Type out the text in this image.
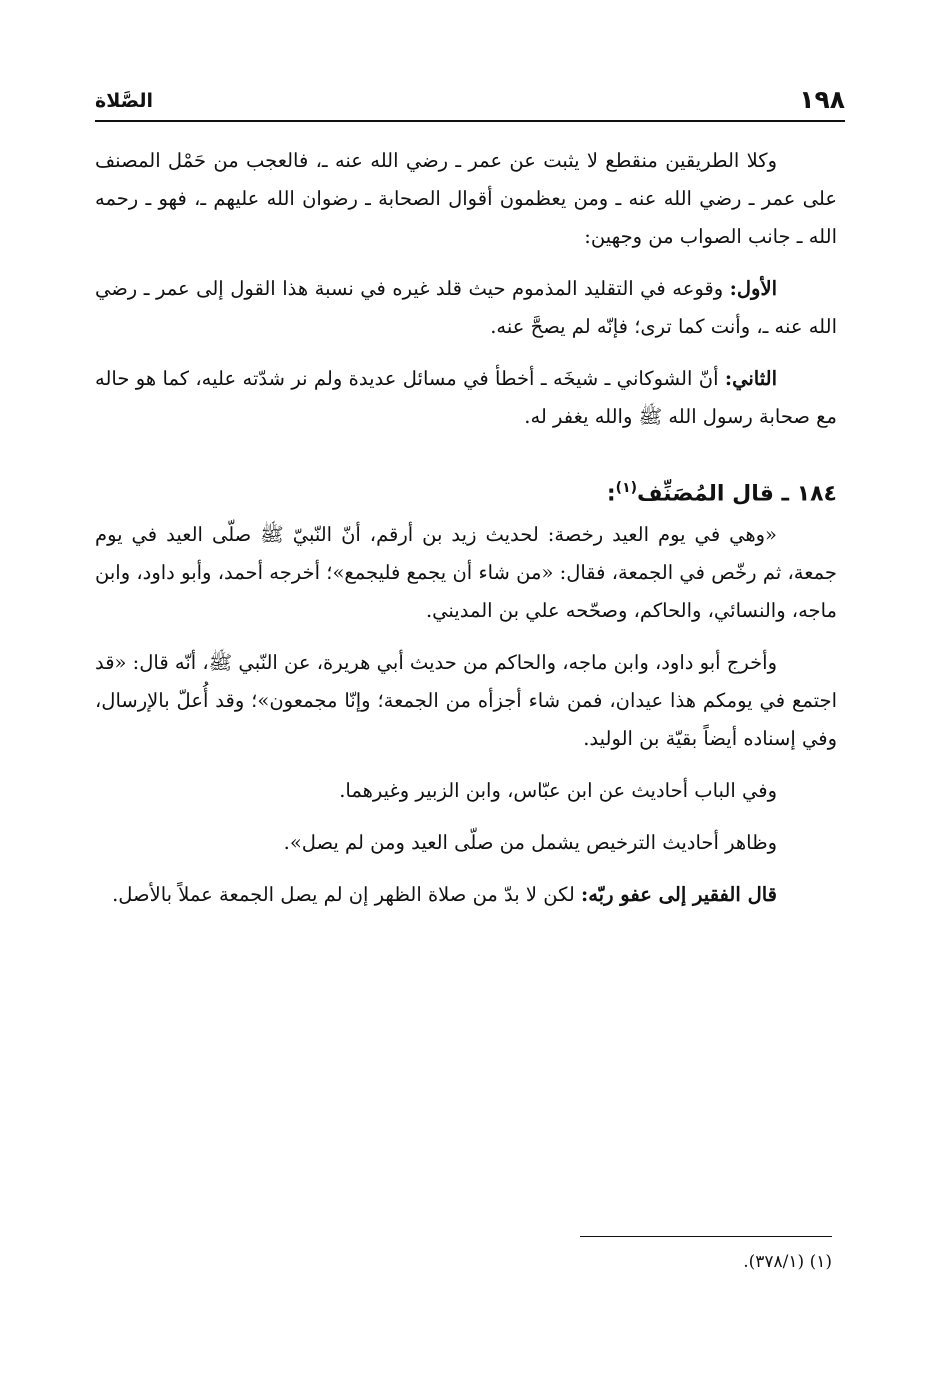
١٩٨
الصَّلاة

وكلا الطريقين منقطع لا يثبت عن عمر ـ رضي الله عنه ـ، فالعجب من حَمْل المصنف على عمر ـ رضي الله عنه ـ ومن يعظمون أقوال الصحابة ـ رضوان الله عليهم ـ، فهو ـ رحمه الله ـ جانب الصواب من وجهين:

الأول: وقوعه في التقليد المذموم حيث قلد غيره في نسبة هذا القول إلى عمر ـ رضي الله عنه ـ، وأنت كما ترى؛ فإنّه لم يصحَّ عنه.

الثاني: أنّ الشوكاني ـ شيخَه ـ أخطأ في مسائل عديدة ولم نر شدّته عليه، كما هو حاله مع صحابة رسول الله ﷺ والله يغفر له.

١٨٤ ـ قال المُصَنِّف$^{(١)}$:

«وهي في يوم العيد رخصة: لحديث زيد بن أرقم، أنّ النّبيّ ﷺ صلّى العيد في يوم جمعة، ثم رخّص في الجمعة، فقال: «من شاء أن يجمع فليجمع»؛ أخرجه أحمد، وأبو داود، وابن ماجه، والنسائي، والحاكم، وصحّحه علي بن المديني.

وأخرج أبو داود، وابن ماجه، والحاكم من حديث أبي هريرة، عن النّبي ﷺ، أنّه قال: «قد اجتمع في يومكم هذا عيدان، فمن شاء أجزأه من الجمعة؛ وإنّا مجمعون»؛ وقد أُعلّ بالإرسال، وفي إسناده أيضاً بقيّة بن الوليد.

وفي الباب أحاديث عن ابن عبّاس، وابن الزبير وغيرهما.

وظاهر أحاديث الترخيص يشمل من صلّى العيد ومن لم يصل».

قال الفقير إلى عفو ربّه: لكن لا بدّ من صلاة الظهر إن لم يصل الجمعة عملاً بالأصل.

(١) (٣٧٨/١).
